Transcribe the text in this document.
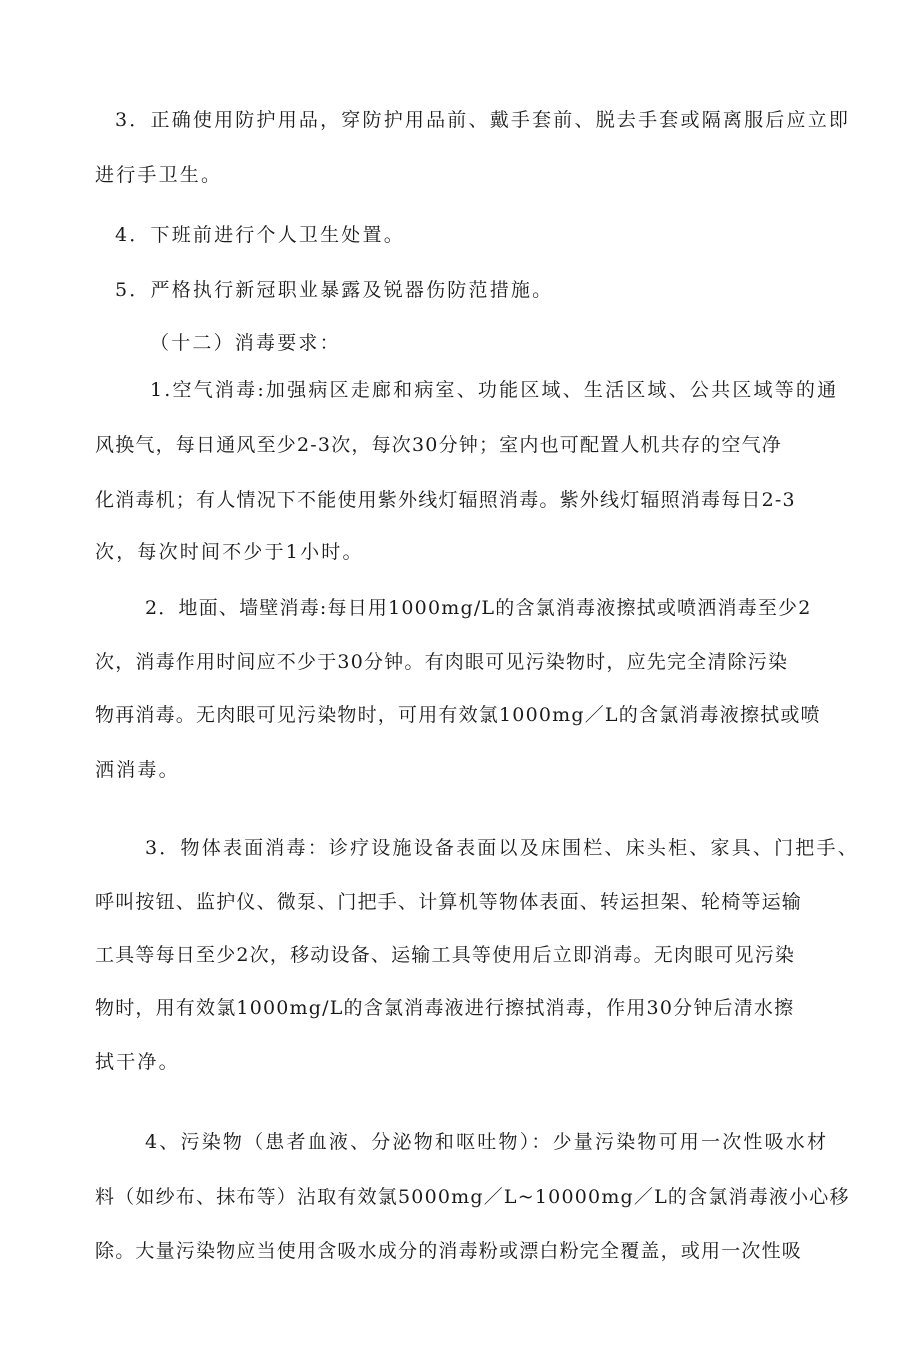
3．正确使用防护用品，穿防护用品前、戴手套前、脱去手套或隔离服后应立即
进行手卫生。
4．下班前进行个人卫生处置。
5．严格执行新冠职业暴露及锐器伤防范措施。
（十二）消毒要求：
1.空气消毒:加强病区走廊和病室、功能区域、生活区域、公共区域等的通
风换气，每日通风至少2-3次，每次30分钟；室内也可配置人机共存的空气净
化消毒机；有人情况下不能使用紫外线灯辐照消毒。紫外线灯辐照消毒每日2-3
次，每次时间不少于1小时。
2．地面、墙壁消毒:每日用1000mg/L的含氯消毒液擦拭或喷洒消毒至少2
次，消毒作用时间应不少于30分钟。有肉眼可见污染物时，应先完全清除污染
物再消毒。无肉眼可见污染物时，可用有效氯1000mg／L的含氯消毒液擦拭或喷
洒消毒。
3．物体表面消毒：诊疗设施设备表面以及床围栏、床头柜、家具、门把手、
呼叫按钮、监护仪、微泵、门把手、计算机等物体表面、转运担架、轮椅等运输
工具等每日至少2次，移动设备、运输工具等使用后立即消毒。无肉眼可见污染
物时，用有效氯1000mg/L的含氯消毒液进行擦拭消毒，作用30分钟后清水擦
拭干净。
4、污染物（患者血液、分泌物和呕吐物）：少量污染物可用一次性吸水材
料（如纱布、抹布等）沾取有效氯5000mg／L~10000mg／L的含氯消毒液小心移
除。大量污染物应当使用含吸水成分的消毒粉或漂白粉完全覆盖，或用一次性吸
